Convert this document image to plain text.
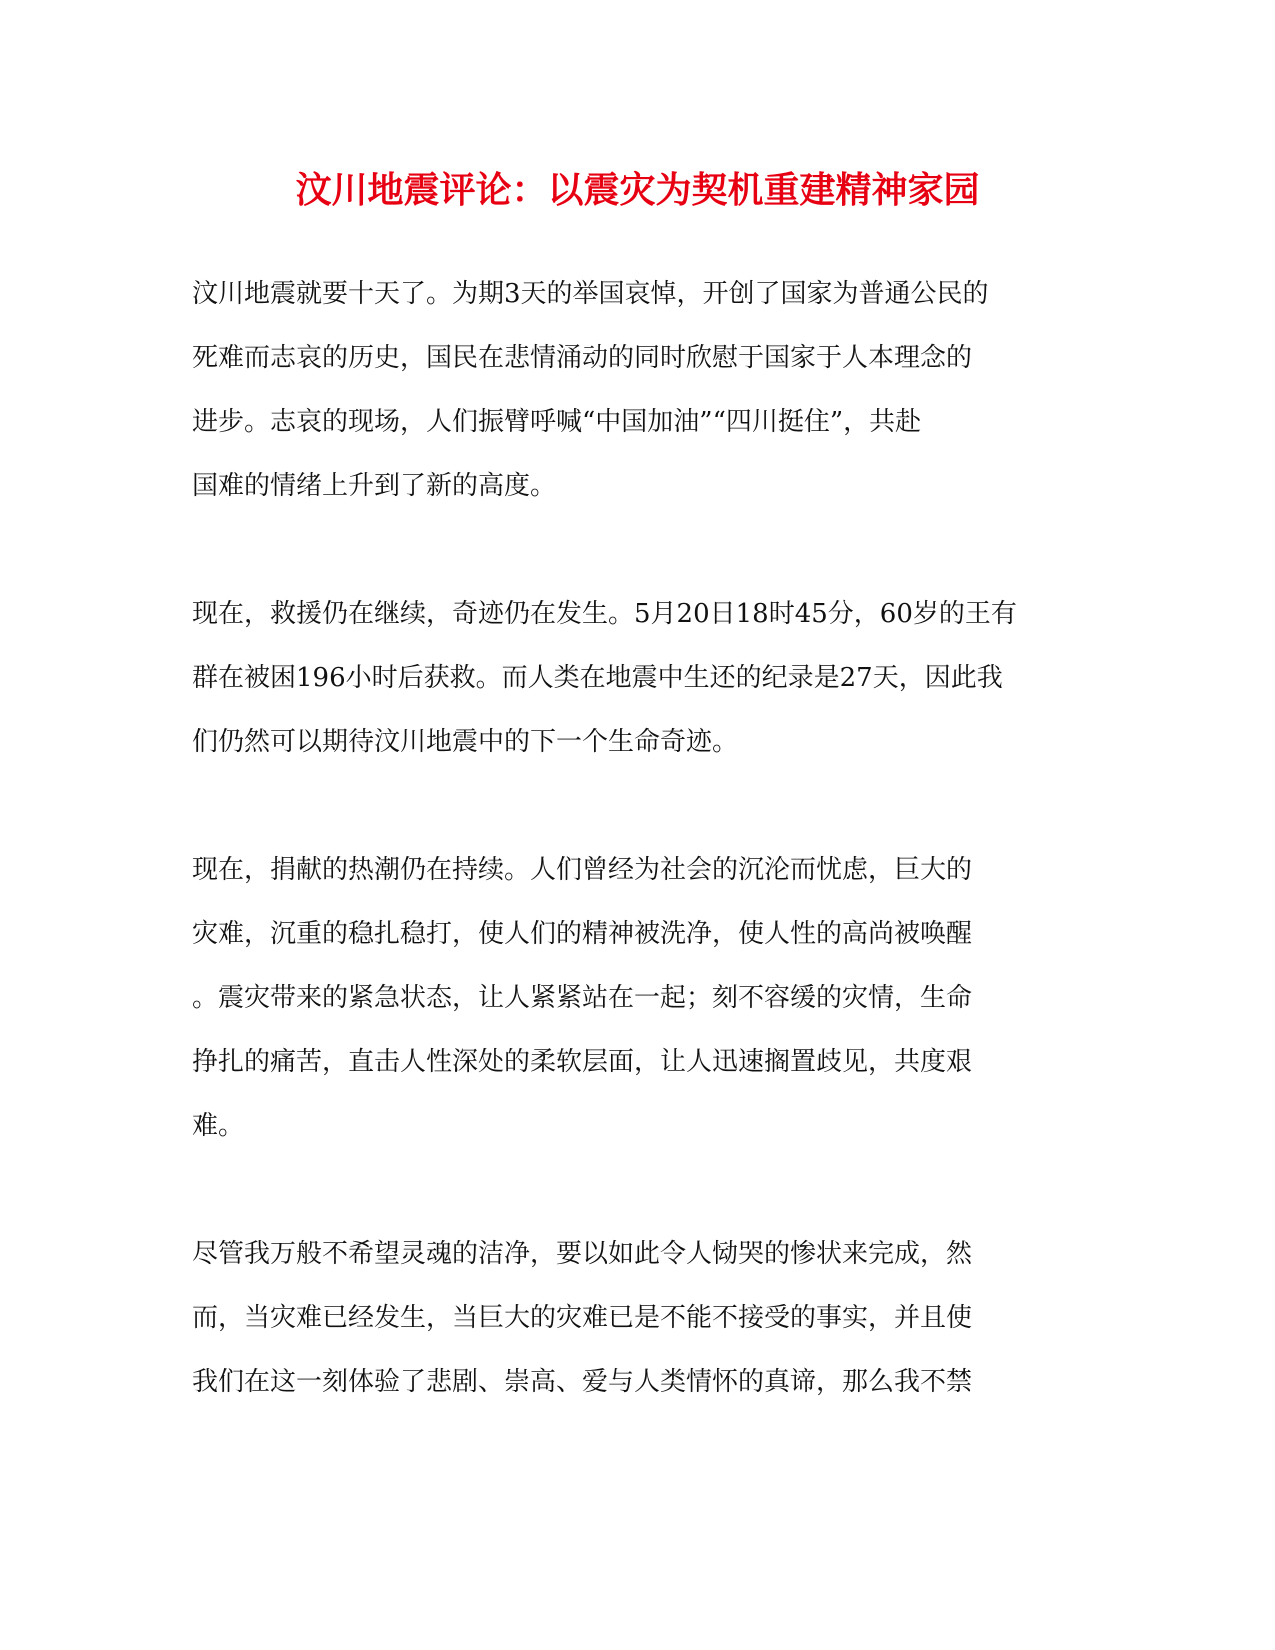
汶川地震评论：以震灾为契机重建精神家园
汶川地震就要十天了。为期3天的举国哀悼，开创了国家为普通公民的
死难而志哀的历史，国民在悲情涌动的同时欣慰于国家于人本理念的
进步。志哀的现场，人们振臂呼喊“中国加油”“四川挺住”，共赴
国难的情绪上升到了新的高度。
现在，救援仍在继续，奇迹仍在发生。5月20日18时45分，60岁的王有
群在被困196小时后获救。而人类在地震中生还的纪录是27天，因此我
们仍然可以期待汶川地震中的下一个生命奇迹。
现在，捐献的热潮仍在持续。人们曾经为社会的沉沦而忧虑，巨大的
灾难，沉重的稳扎稳打，使人们的精神被洗净，使人性的高尚被唤醒
。震灾带来的紧急状态，让人紧紧站在一起；刻不容缓的灾情，生命
挣扎的痛苦，直击人性深处的柔软层面，让人迅速搁置歧见，共度艰
难。
尽管我万般不希望灵魂的洁净，要以如此令人恸哭的惨状来完成，然
而，当灾难已经发生，当巨大的灾难已是不能不接受的事实，并且使
我们在这一刻体验了悲剧、崇高、爱与人类情怀的真谛，那么我不禁
